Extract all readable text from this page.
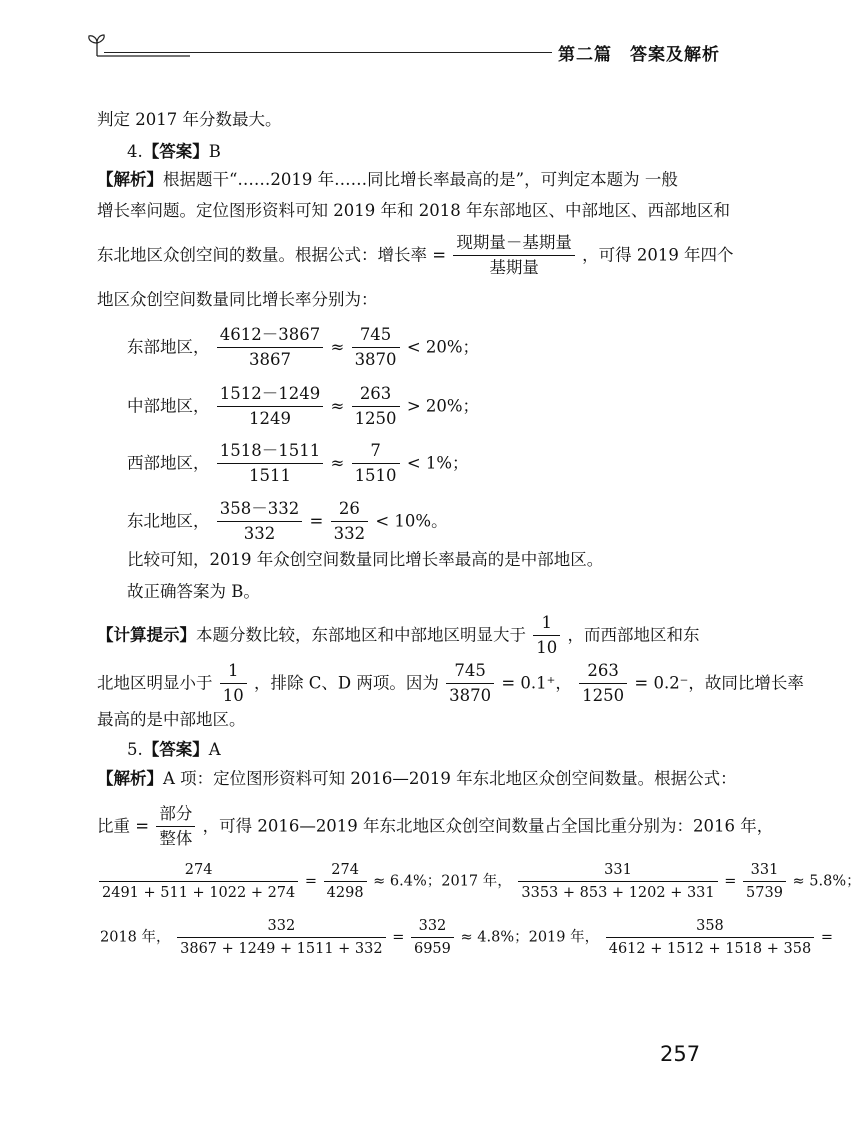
第二篇　答案及解析
判定 2017 年分数最大。
4.【答案】B
【解析】根据题干“……2019 年……同比增长率最高的是”，可判定本题为 一般
增长率问题。定位图形资料可知 2019 年和 2018 年东部地区、中部地区、西部地区和
东北地区众创空间的数量。根据公式：增长率 = $\frac{\text{现期量－基期量}}{\text{基期量}}$ ，可得 2019 年四个
地区众创空间数量同比增长率分别为：
东部地区， $\frac{4612-3867}{3867} \approx \frac{745}{3870} < 20\%$；
中部地区， $\frac{1512-1249}{1249} \approx \frac{263}{1250} > 20\%$；
西部地区， $\frac{1518-1511}{1511} \approx \frac{7}{1510} < 1\%$；
东北地区， $\frac{358-332}{332} = \frac{26}{332} < 10\%$。
比较可知，2019 年众创空间数量同比增长率最高的是中部地区。
故正确答案为 B。
【计算提示】本题分数比较，东部地区和中部地区明显大于 $\frac{1}{10}$ ，而西部地区和东
北地区明显小于 $\frac{1}{10}$ ，排除 C、D 两项。因为 $\frac{745}{3870} = 0.1^+$， $\frac{263}{1250} = 0.2^-$，故同比增长率
最高的是中部地区。
5.【答案】A
【解析】A 项：定位图形资料可知 2016—2019 年东北地区众创空间数量。根据公式：
比重 = $\frac{\text{部分}}{\text{整体}}$ ，可得 2016—2019 年东北地区众创空间数量占全国比重分别为：2016 年，
$\frac{274}{2491 + 511 + 1022 + 274} = \frac{274}{4298} \approx 6.4\%$；2017 年， $\frac{331}{3353 + 853 + 1202 + 331} = \frac{331}{5739} \approx 5.8\%$；
2018 年， $\frac{332}{3867 + 1249 + 1511 + 332} = \frac{332}{6959} \approx 4.8\%$；2019 年， $\frac{358}{4612 + 1512 + 1518 + 358}$ =
257
